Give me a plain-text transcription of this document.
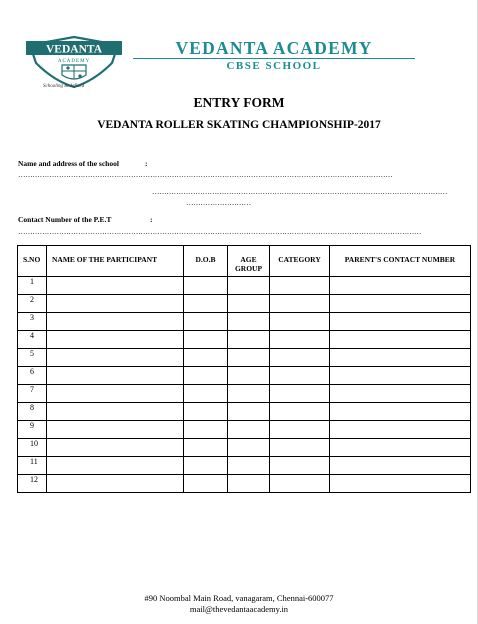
VEDANTA
ACADEMY
Schooling Redefined
VEDANTA ACADEMY
CBSE SCHOOL
ENTRY FORM
VEDANTA ROLLER SKATING CHAMPIONSHIP-2017
Name and address of the school	:
…………………………………………………………………………………………………………………………………………
……………………………………………………………………………………………………………
………………………
Contact Number of the P.E.T	:
……………………………………………………………………………………………………………………………………………………
S.NO	NAME OF THE PARTICIPANT	D.O.B	AGE GROUP	CATEGORY	PARENT'S CONTACT NUMBER
1					
2					
3					
4					
5					
6					
7					
8					
9					
10					
11					
12					
#90 Noombal Main Road, vanagaram, Chennai-600077
mail@thevedantaacademy.in
